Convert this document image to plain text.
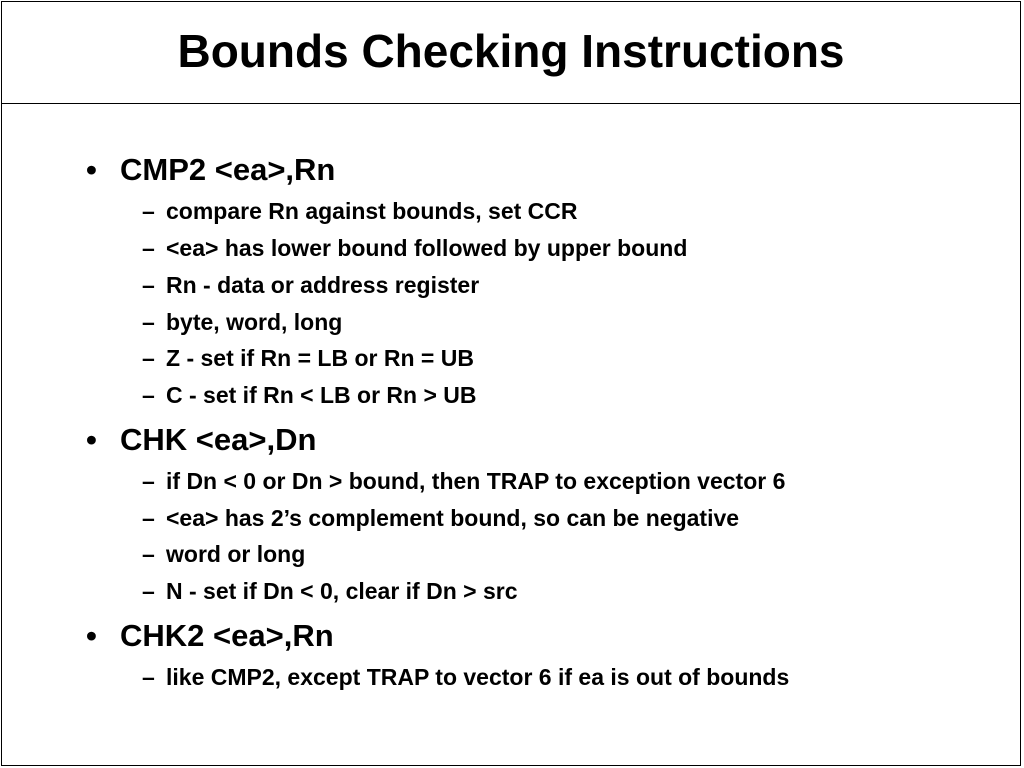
Bounds Checking Instructions
• CMP2 <ea>,Rn
– compare Rn against bounds, set CCR
– <ea> has lower bound followed by upper bound
– Rn - data or address register
– byte, word, long
– Z - set if Rn = LB or Rn = UB
– C - set if Rn < LB or Rn > UB
• CHK <ea>,Dn
– if Dn < 0 or Dn > bound, then TRAP to exception vector 6
– <ea> has 2’s complement bound, so can be negative
– word or long
– N - set if Dn < 0, clear if Dn > src
• CHK2 <ea>,Rn
– like CMP2, except TRAP to vector 6 if ea is out of bounds
